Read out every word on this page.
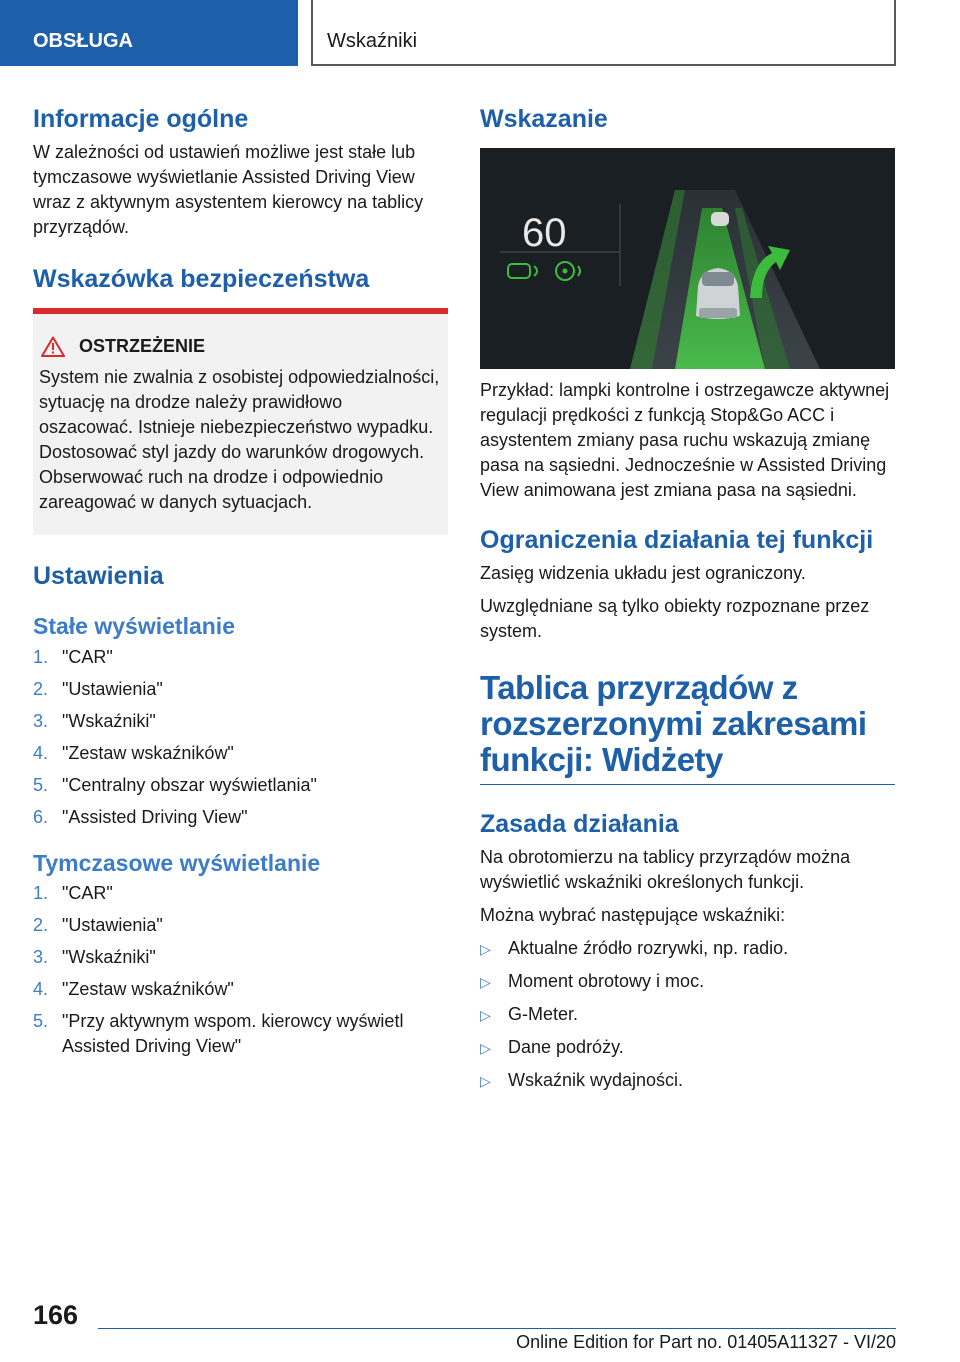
OBSŁUGA	Wskaźniki
Informacje ogólne

W zależności od ustawień możliwe jest stałe lub tymczasowe wyświetlanie Assisted Driving View wraz z aktywnym asystentem kierowcy na tablicy przyrządów.

Wskazówka bezpieczeństwa
OSTRZEŻENIE

System nie zwalnia z osobistej odpowiedzialności, sytuację na drodze należy prawidłowo oszacować. Istnieje niebezpieczeństwo wypadku. Dostosować styl jazdy do warunków drogowych. Obserwować ruch na drodze i odpowiednio zareagować w danych sytuacjach.

Ustawienia
Stałe wyświetlanie
1. "CAR"
2. "Ustawienia"
3. "Wskaźniki"
4. "Zestaw wskaźników"
5. "Centralny obszar wyświetlania"
6. "Assisted Driving View"
Tymczasowe wyświetlanie
1. "CAR"
2. "Ustawienia"
3. "Wskaźniki"
4. "Zestaw wskaźników"
5. "Przy aktywnym wspom. kierowcy wyświetl Assisted Driving View"
Wskazanie
60

Przykład: lampki kontrolne i ostrzegawcze aktywnej regulacji prędkości z funkcją Stop&Go ACC i asystentem zmiany pasa ruchu wskazują zmianę pasa na sąsiedni. Jednocześnie w Assisted Driving View animowana jest zmiana pasa na sąsiedni.

Ograniczenia działania tej funkcji

Zasięg widzenia układu jest ograniczony.

Uwzględniane są tylko obiekty rozpoznane przez system.

Tablica przyrządów z rozszerzonymi zakresami funkcji: Widżety
Zasada działania

Na obrotomierzu na tablicy przyrządów można wyświetlić wskaźniki określonych funkcji.

Można wybrać następujące wskaźniki:

▷ Aktualne źródło rozrywki, np. radio.
▷ Moment obrotowy i moc.
▷ G-Meter.
▷ Dane podróży.
▷ Wskaźnik wydajności.
166
Online Edition for Part no. 01405A11327 - VI/20
